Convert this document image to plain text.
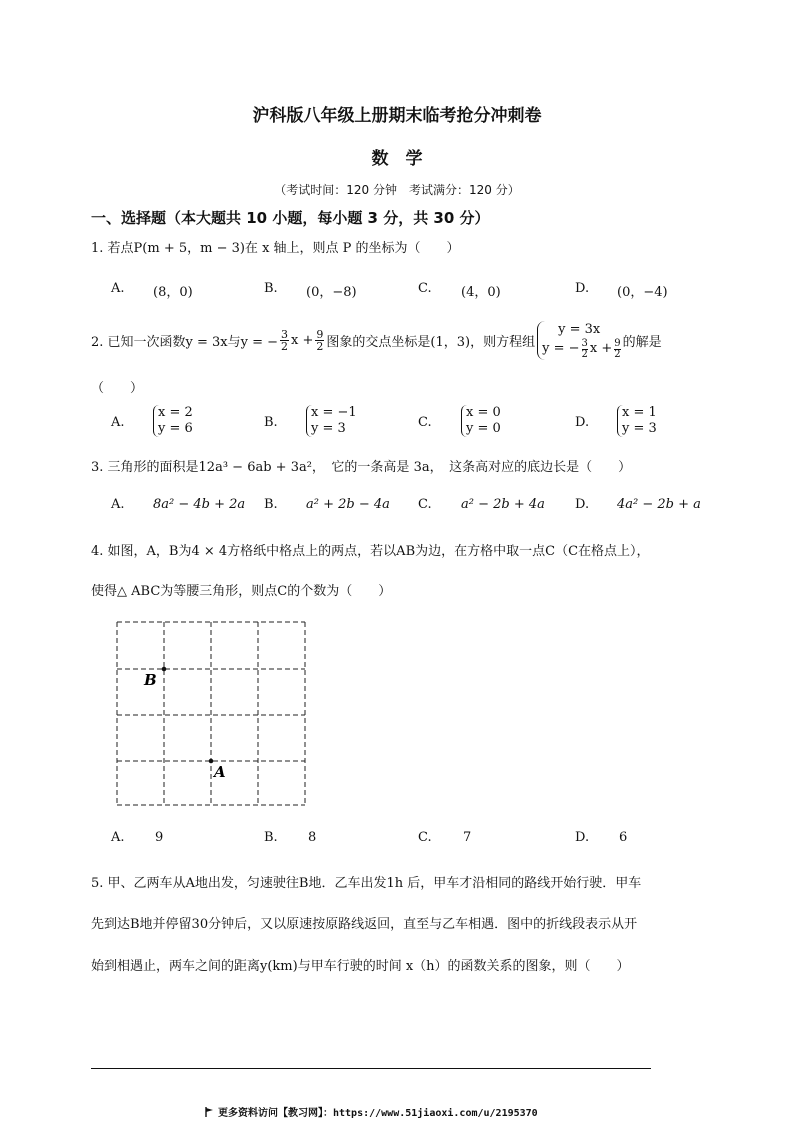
沪科版八年级上册期末临考抢分冲刺卷
数　学
（考试时间：120 分钟　考试满分：120 分）
一、选择题（本大题共 10 小题，每小题 3 分，共 30 分）
1. 若点P(m + 5，m − 3)在 x 轴上，则点 P 的坐标为（　　）
A. (8，0)	B. (0，−8)	C. (4，0)	D. (0，−4)
2. 已知一次函数y = 3x与y = − $\frac{3}{2}$ $x + \frac{9}{2}$ 图象的交点坐标是(1，3)，则方程组
y = 3x
y = − $\frac{3}{2}$ $x + \frac{9}{2}$ 的解是
（　　）
A.
x = 2
y = 6	B.
x = −1
y = 3	C.
x = 0
y = 0	D.
x = 1
y = 3
3. 三角形的面积是12a³ − 6ab + 3a²，　它的一条高是 3a，　这条高对应的底边长是（　　）
A. 8a² − 4b + 2a B. a² + 2b − 4a C. a² − 2b + 4a D. 4a² − 2b + a
4. 如图，A，B为4 × 4方格纸中格点上的两点，若以AB为边，在方格中取一点C（C在格点上），
使得△ ABC为等腰三角形，则点C的个数为（　　）
B
A
A. 9	B. 8	C. 7	D. 6
5. 甲、乙两车从A地出发，匀速驶往B地．乙车出发1h 后，甲车才沿相同的路线开始行驶．甲车
先到达B地并停留30分钟后，又以原速按原路线返回，直至与乙车相遇．图中的折线段表示从开
始到相遇止，两车之间的距离y(km)与甲车行驶的时间 x（h）的函数关系的图象，则（　　）
更多资料访问【教习网】：https://www.51jiaoxi.com/u/2195370
